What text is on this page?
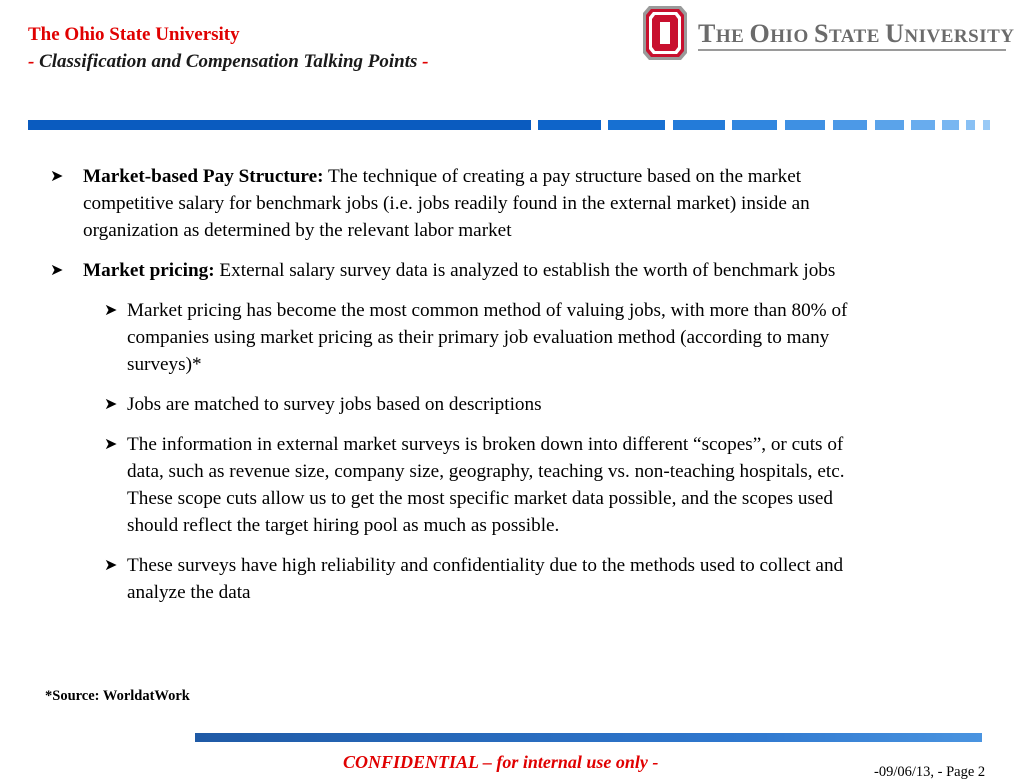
The Ohio State University
- Classification and Compensation Talking Points -
THE OHIO STATE UNIVERSITY
➤ Market-based Pay Structure: The technique of creating a pay structure based on the market
competitive salary for benchmark jobs (i.e. jobs readily found in the external market) inside an
organization as determined by the relevant labor market
➤ Market pricing: External salary survey data is analyzed to establish the worth of benchmark jobs
➤ Market pricing has become the most common method of valuing jobs, with more than 80% of
companies using market pricing as their primary job evaluation method (according to many
surveys)*
➤ Jobs are matched to survey jobs based on descriptions
➤ The information in external market surveys is broken down into different “scopes”, or cuts of
data, such as revenue size, company size, geography, teaching vs. non-teaching hospitals, etc.
These scope cuts allow us to get the most specific market data possible, and the scopes used
should reflect the target hiring pool as much as possible.
➤ These surveys have high reliability and confidentiality due to the methods used to collect and
analyze the data
*Source: WorldatWork
CONFIDENTIAL – for internal use only -	-09/06/13, - Page 2
